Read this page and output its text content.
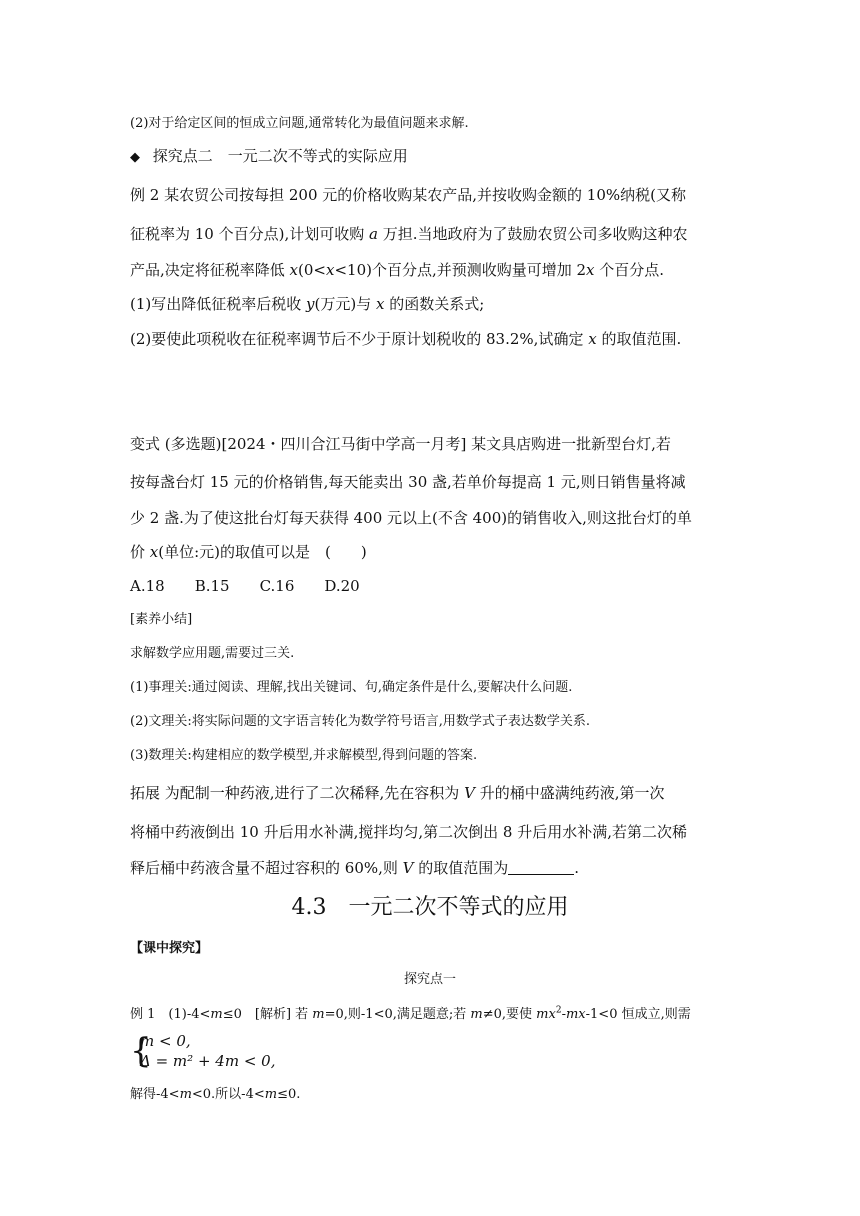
(2)对于给定区间的恒成立问题,通常转化为最值问题来求解.
◆ 探究点二　一元二次不等式的实际应用
例 2 某农贸公司按每担 200 元的价格收购某农产品,并按收购金额的 10%纳税(又称
征税率为 10 个百分点),计划可收购 a 万担.当地政府为了鼓励农贸公司多收购这种农
产品,决定将征税率降低 x(0<x<10)个百分点,并预测收购量可增加 2x 个百分点.
(1)写出降低征税率后税收 y(万元)与 x 的函数关系式;
(2)要使此项税收在征税率调节后不少于原计划税收的 83.2%,试确定 x 的取值范围.
变式 (多选题)[2024・四川合江马街中学高一月考] 某文具店购进一批新型台灯,若
按每盏台灯 15 元的价格销售,每天能卖出 30 盏,若单价每提高 1 元,则日销售量将减
少 2 盏.为了使这批台灯每天获得 400 元以上(不含 400)的销售收入,则这批台灯的单
价 x(单位:元)的取值可以是　(　　)
A.18　　B.15　　C.16　　D.20
[素养小结]
求解数学应用题,需要过三关.
(1)事理关:通过阅读、理解,找出关键词、句,确定条件是什么,要解决什么问题.
(2)文理关:将实际问题的文字语言转化为数学符号语言,用数学式子表达数学关系.
(3)数理关:构建相应的数学模型,并求解模型,得到问题的答案.
拓展 为配制一种药液,进行了二次稀释,先在容积为 V 升的桶中盛满纯药液,第一次
将桶中药液倒出 10 升后用水补满,搅拌均匀,第二次倒出 8 升后用水补满,若第二次稀
释后桶中药液含量不超过容积的 60%,则 V 的取值范围为	.
4.3　一元二次不等式的应用
【课中探究】
探究点一
例 1　(1)-4<m≤0　[解析] 若 m=0,则-1<0,满足题意;若 m≠0,要使 $mx^2-mx-1<0$ 恒成立,则需
{
m < 0,
Δ = m² + 4m < 0,
解得-4<m<0.所以-4<m≤0.
